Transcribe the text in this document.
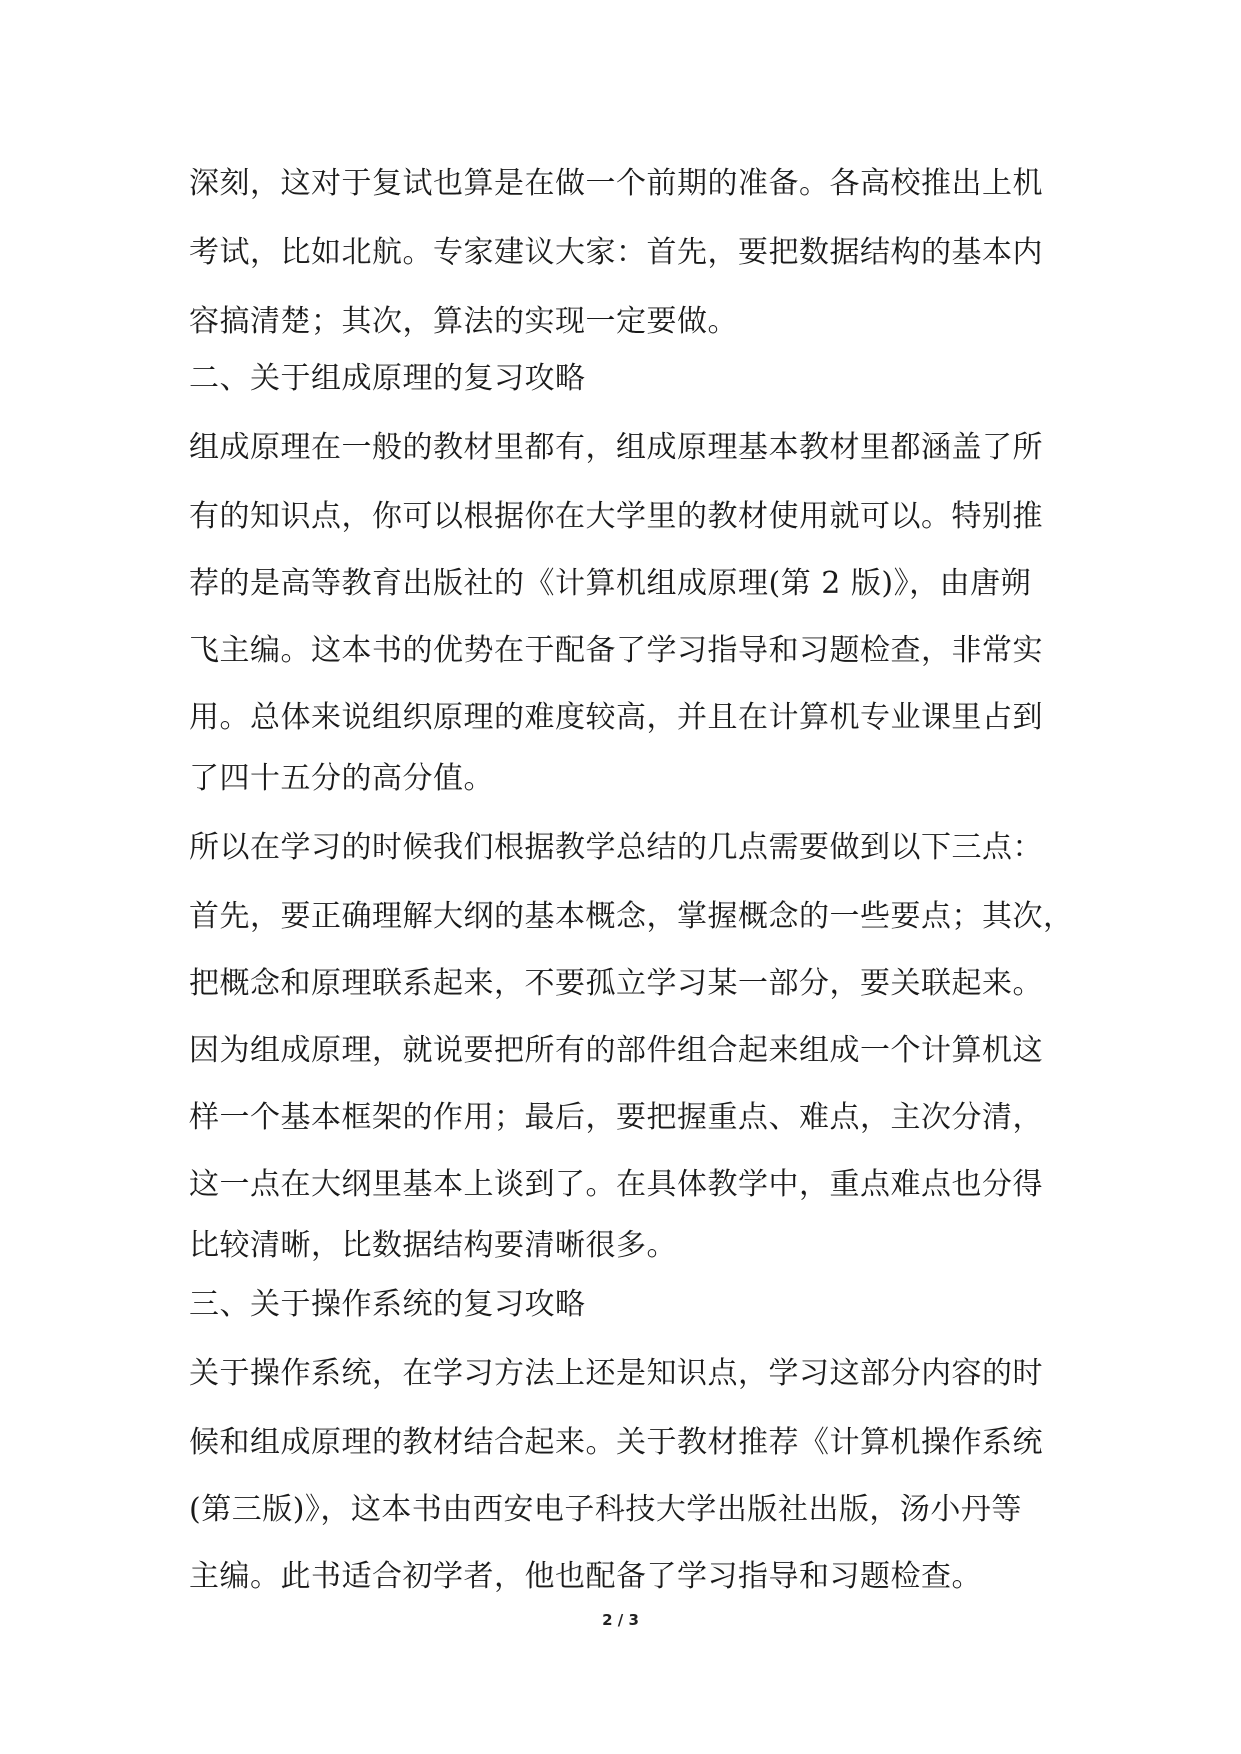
深刻，这对于复试也算是在做一个前期的准备。各高校推出上机
考试，比如北航。专家建议大家：首先，要把数据结构的基本内
容搞清楚；其次，算法的实现一定要做。
二、关于组成原理的复习攻略
组成原理在一般的教材里都有，组成原理基本教材里都涵盖了所
有的知识点，你可以根据你在大学里的教材使用就可以。特别推
荐的是高等教育出版社的《计算机组成原理(第 2 版)》，由唐朔
飞主编。这本书的优势在于配备了学习指导和习题检查，非常实
用。总体来说组织原理的难度较高，并且在计算机专业课里占到
了四十五分的高分值。
所以在学习的时候我们根据教学总结的几点需要做到以下三点：
首先，要正确理解大纲的基本概念，掌握概念的一些要点；其次，
把概念和原理联系起来，不要孤立学习某一部分，要关联起来。
因为组成原理，就说要把所有的部件组合起来组成一个计算机这
样一个基本框架的作用；最后，要把握重点、难点，主次分清，
这一点在大纲里基本上谈到了。在具体教学中，重点难点也分得
比较清晰，比数据结构要清晰很多。
三、关于操作系统的复习攻略
关于操作系统，在学习方法上还是知识点，学习这部分内容的时
候和组成原理的教材结合起来。关于教材推荐《计算机操作系统
(第三版)》，这本书由西安电子科技大学出版社出版，汤小丹等
主编。此书适合初学者，他也配备了学习指导和习题检查。
2 / 3
